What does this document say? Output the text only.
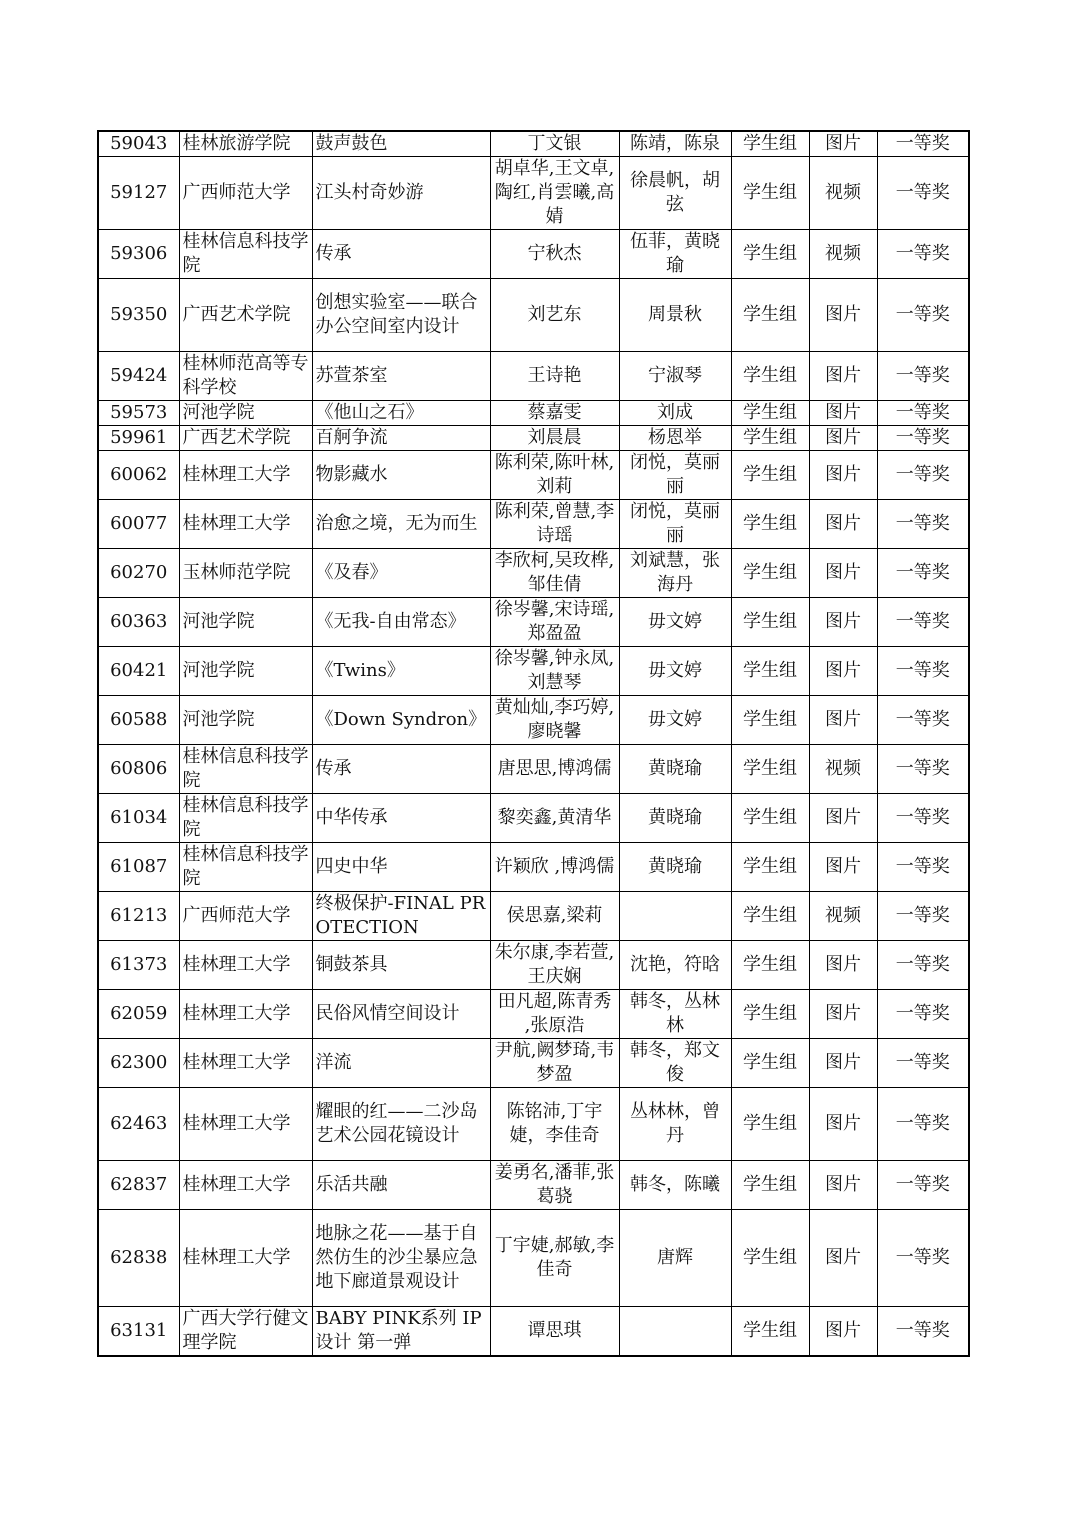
59043	桂林旅游学院	鼓声鼓色	丁文银	陈靖，陈泉	学生组	图片	一等奖
59127	广西师范大学	江头村奇妙游	胡卓华,王文卓,陶红,肖雲曦,高婧	徐晨帆，胡弦	学生组	视频	一等奖
59306	桂林信息科技学院	传承	宁秋杰	伍菲，黄晓瑜	学生组	视频	一等奖
59350	广西艺术学院	创想实验室——联合办公空间室内设计	刘艺东	周景秋	学生组	图片	一等奖
59424	桂林师范高等专科学校	苏萱茶室	王诗艳	宁淑琴	学生组	图片	一等奖
59573	河池学院	《他山之石》	蔡嘉雯	刘成	学生组	图片	一等奖
59961	广西艺术学院	百舸争流	刘晨晨	杨恩举	学生组	图片	一等奖
60062	桂林理工大学	物影藏水	陈利荣,陈叶林,刘莉	闭悦，莫丽丽	学生组	图片	一等奖
60077	桂林理工大学	治愈之境，无为而生	陈利荣,曾慧,李诗瑶	闭悦，莫丽丽	学生组	图片	一等奖
60270	玉林师范学院	《及春》	李欣柯,吴玫桦,邹佳倩	刘斌慧，张海丹	学生组	图片	一等奖
60363	河池学院	《无我-自由常态》	徐岑馨,宋诗瑶,郑盈盈	毋文婷	学生组	图片	一等奖
60421	河池学院	《Twins》	徐岑馨,钟永凤,刘慧琴	毋文婷	学生组	图片	一等奖
60588	河池学院	《Down Syndron》	黄灿灿,李巧婷,廖晓馨	毋文婷	学生组	图片	一等奖
60806	桂林信息科技学院	传承	唐思思,博鸿儒	黄晓瑜	学生组	视频	一等奖
61034	桂林信息科技学院	中华传承	黎奕鑫,黄清华	黄晓瑜	学生组	图片	一等奖
61087	桂林信息科技学院	四史中华	许颖欣 ,博鸿儒	黄晓瑜	学生组	图片	一等奖
61213	广西师范大学	终极保护-FINAL PROTECTION	侯思嘉,梁莉		学生组	视频	一等奖
61373	桂林理工大学	铜鼓茶具	朱尔康,李若萱,王庆娴	沈艳，符晗	学生组	图片	一等奖
62059	桂林理工大学	民俗风情空间设计	田凡超,陈青秀 ,张原浩	韩冬，丛林林	学生组	图片	一等奖
62300	桂林理工大学	洋流	尹航,阙梦琦,韦梦盈	韩冬，郑文俊	学生组	图片	一等奖
62463	桂林理工大学	耀眼的红——二沙岛艺术公园花镜设计	陈铭沛,丁宇婕，李佳奇	丛林林，曾丹	学生组	图片	一等奖
62837	桂林理工大学	乐活共融	姜勇名,潘菲,张葛骁	韩冬，陈曦	学生组	图片	一等奖
62838	桂林理工大学	地脉之花——基于自然仿生的沙尘暴应急地下廊道景观设计	丁宇婕,郝敏,李佳奇	唐辉	学生组	图片	一等奖
63131	广西大学行健文理学院	BABY PINK系列 IP设计 第一弹	谭思琪		学生组	图片	一等奖
